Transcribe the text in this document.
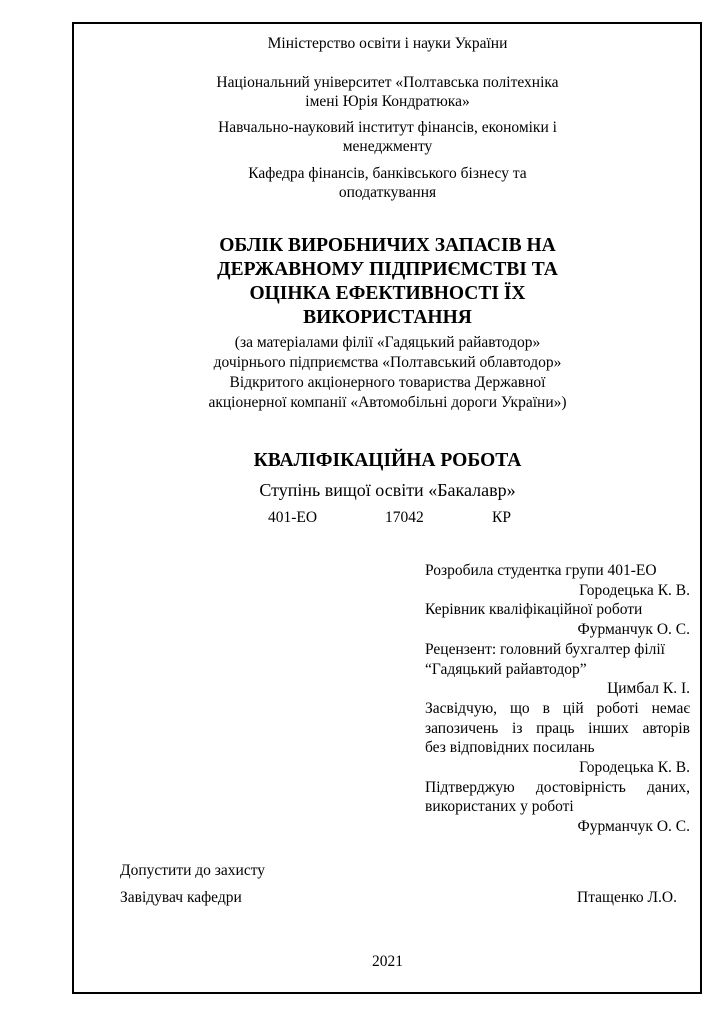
Міністерство освіти і науки України
Національний університет «Полтавська політехніка
імені Юрія Кондратюка»
Навчально-науковий інститут фінансів, економіки і
менеджменту
Кафедра фінансів, банківського бізнесу та
оподаткування
ОБЛІК ВИРОБНИЧИХ ЗАПАСІВ НА
ДЕРЖАВНОМУ ПІДПРИЄМСТВІ ТА
ОЦІНКА ЕФЕКТИВНОСТІ ЇХ
ВИКОРИСТАННЯ
(за матеріалами філії «Гадяцький райавтодор»
дочірнього підприємства «Полтавський облавтодор»
Відкритого акціонерного товариства Державної
акціонерної компанії «Автомобільні дороги України»)
КВАЛІФІКАЦІЙНА РОБОТА
Ступінь вищої освіти «Бакалавр»
401-ЕО	17042	КР
Розробила студентка групи 401-ЕО
Городецька К. В.
Керівник кваліфікаційної роботи
Фурманчук О. С.
Рецензент: головний бухгалтер філії
“Гадяцький райавтодор”
Цимбал К. І.
Засвідчую, що в цій роботі немає
запозичень із праць інших авторів
без відповідних посилань
Городецька К. В.
Підтверджую достовірність даних,
використаних у роботі
Фурманчук О. С.
Допустити до захисту
Завідувач кафедри	Птащенко Л.О.
2021
